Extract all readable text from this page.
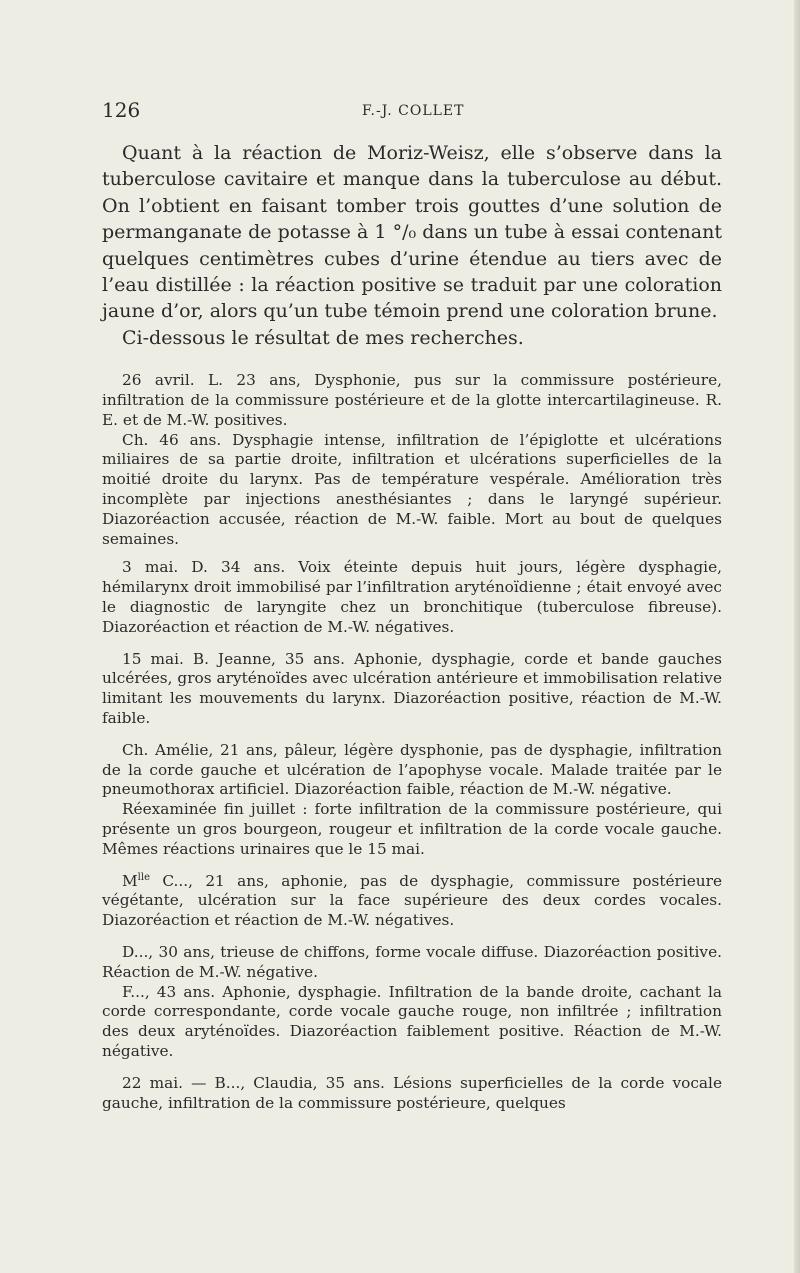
126	F.-J. COLLET

Quant à la réaction de Moriz-Weisz, elle s’observe dans la tuberculose cavitaire et manque dans la tuberculose au début. On l’obtient en faisant tomber trois gouttes d’une solution de permanganate de potasse à 1 °/₀ dans un tube à essai contenant quelques centimètres cubes d’urine étendue au tiers avec de l’eau distillée : la réaction positive se traduit par une coloration jaune d’or, alors qu’un tube témoin prend une coloration brune.

Ci-dessous le résultat de mes recherches.

26 avril. L. 23 ans, Dysphonie, pus sur la commissure postérieure, infiltration de la commissure postérieure et de la glotte intercartilagineuse. R. E. et de M.-W. positives.

Ch. 46 ans. Dysphagie intense, infiltration de l’épiglotte et ulcérations miliaires de sa partie droite, infiltration et ulcérations superficielles de la moitié droite du larynx. Pas de température vespérale. Amélioration très incomplète par injections anesthésiantes ; dans le laryngé supérieur. Diazoréaction accusée, réaction de M.-W. faible. Mort au bout de quelques semaines.

3 mai. D. 34 ans. Voix éteinte depuis huit jours, légère dysphagie, hémilarynx droit immobilisé par l’infiltration aryténoïdienne ; était envoyé avec le diagnostic de laryngite chez un bronchitique (tuberculose fibreuse). Diazoréaction et réaction de M.-W. négatives.

15 mai. B. Jeanne, 35 ans. Aphonie, dysphagie, corde et bande gauches ulcérées, gros aryténoïdes avec ulcération antérieure et immobilisation relative limitant les mouvements du larynx. Diazoréaction positive, réaction de M.-W. faible.

Ch. Amélie, 21 ans, pâleur, légère dysphonie, pas de dysphagie, infiltration de la corde gauche et ulcération de l’apophyse vocale. Malade traitée par le pneumothorax artificiel. Diazoréaction faible, réaction de M.-W. négative.

Réexaminée fin juillet : forte infiltration de la commissure postérieure, qui présente un gros bourgeon, rougeur et infiltration de la corde vocale gauche. Mêmes réactions urinaires que le 15 mai.

$M^{lle}$ C..., 21 ans, aphonie, pas de dysphagie, commissure postérieure végétante, ulcération sur la face supérieure des deux cordes vocales. Diazoréaction et réaction de M.-W. négatives.

D..., 30 ans, trieuse de chiffons, forme vocale diffuse. Diazoréaction positive. Réaction de M.-W. négative.

F..., 43 ans. Aphonie, dysphagie. Infiltration de la bande droite, cachant la corde correspondante, corde vocale gauche rouge, non infiltrée ; infiltration des deux aryténoïdes. Diazoréaction faiblement positive. Réaction de M.-W. négative.

22 mai. — B..., Claudia, 35 ans. Lésions superficielles de la corde vocale gauche, infiltration de la commissure postérieure, quelques
